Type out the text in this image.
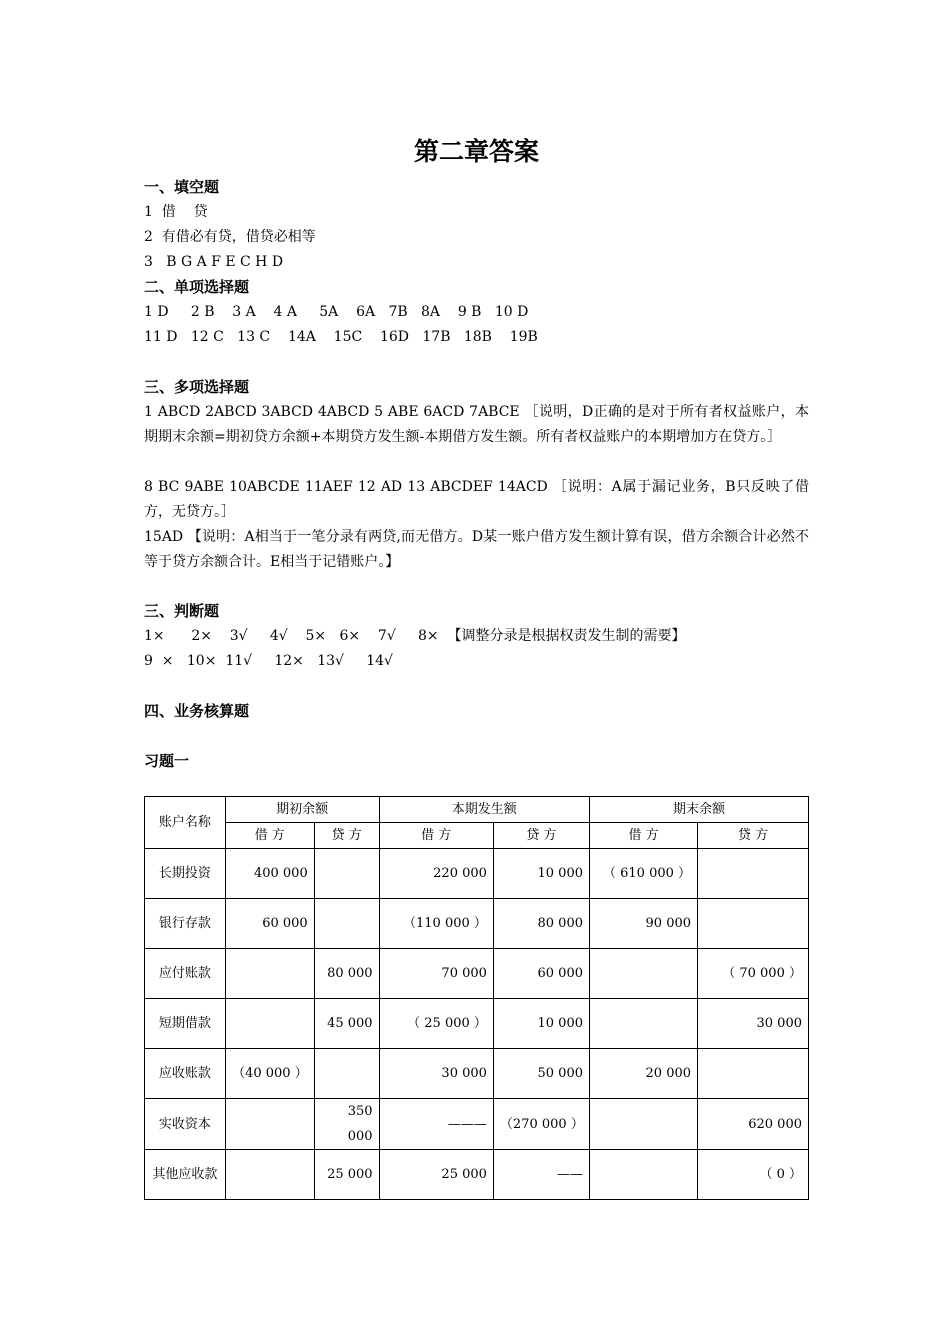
第二章答案
一、填空题
1  借    贷
2  有借必有贷，借贷必相等
3   B G A F E C H D
二、单项选择题
1 D     2 B    3 A    4 A     5A    6A   7B   8A    9 B   10 D
11 D   12 C   13 C    14A    15C    16D   17B   18B    19B
三、多项选择题
1 ABCD 2ABCD 3ABCD 4ABCD 5 ABE 6ACD 7ABCE ［说明，D正确的是对于所有者权益账户，本期期末余额=期初贷方余额+本期贷方发生额-本期借方发生额。所有者权益账户的本期增加方在贷方。］
8 BC 9ABE 10ABCDE 11AEF 12 AD 13 ABCDEF 14ACD ［说明：A属于漏记业务，B只反映了借方，无贷方。］
15AD 【说明：A相当于一笔分录有两贷,而无借方。D某一账户借方发生额计算有误，借方余额合计必然不等于贷方余额合计。E相当于记错账户。】
三、判断题
1×      2×    3√     4√    5×   6×    7√     8×  【调整分录是根据权责发生制的需要】
9  ×   10×  11√     12×   13√     14√
四、业务核算题
习题一
账户名称	期初余额		本期发生额		期末余额	
	借 方	贷 方	借 方	贷 方	借 方	贷 方
长期投资	400 000		220 000	10 000	（ 610 000 ）	
银行存款	60 000		（110 000 ）	80 000	90 000	
应付账款		80 000	70 000	60 000		（ 70 000 ）
短期借款		45 000	（ 25 000 ）	10 000		30 000
应收账款	（40 000 ）		30 000	50 000	20 000	
实收资本		350 000	———	（270 000 ）		620 000
其他应收款		25 000	25 000	——		（ 0 ）
